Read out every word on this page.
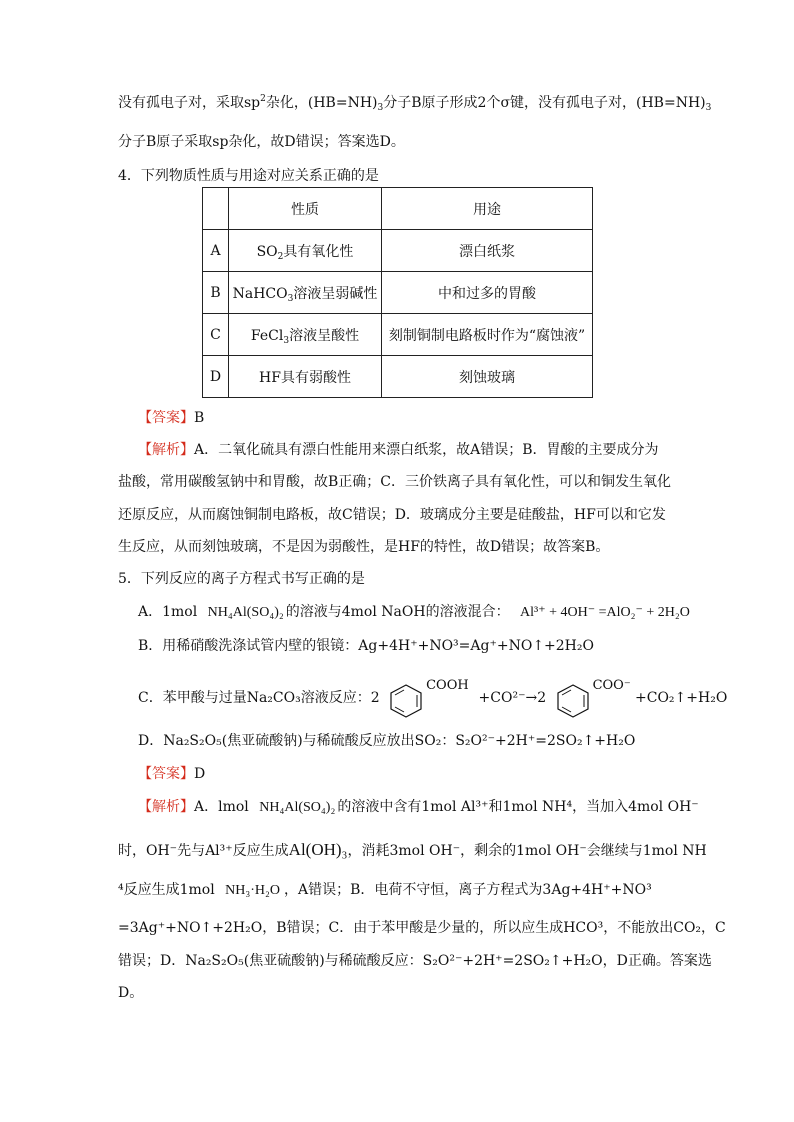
没有孤电子对，采取$sp^2$杂化，$(HB=NH)_3$分子B原子形成2个σ键，没有孤电子对，$(HB=NH)_3$
分子B原子采取sp杂化，故D错误；答案选D。
4．下列物质性质与用途对应关系正确的是
	性质	用途
A	$SO_2$具有氧化性	漂白纸浆
B	NaHCO$_3$溶液呈弱碱性	中和过多的胃酸
C	FeCl$_3$溶液呈酸性	刻制铜制电路板时作为“腐蚀液”
D	HF具有弱酸性	刻蚀玻璃
【答案】B
【解析】A．二氧化硫具有漂白性能用来漂白纸浆，故A错误；B．胃酸的主要成分为
盐酸，常用碳酸氢钠中和胃酸，故B正确；C．三价铁离子具有氧化性，可以和铜发生氧化
还原反应，从而腐蚀铜制电路板，故C错误；D．玻璃成分主要是硅酸盐，HF可以和它发
生反应，从而刻蚀玻璃，不是因为弱酸性，是HF的特性，故D错误；故答案B。
5．下列反应的离子方程式书写正确的是
A．1mol NH₄Al(SO₄)₂ 的溶液与4mol NaOH的溶液混合： Al³⁺ + 4OH⁻ =AlO₂⁻ + 2H₂O
B．用稀硝酸洗涤试管内壁的银镜：Ag+4H⁺+NO³=Ag⁺+NO↑+2H₂O
C．苯甲酸与过量Na₂CO₃溶液反应：2
COOH
+CO²⁻→2
COO⁻
+CO₂↑+H₂O
D．Na₂S₂O₅(焦亚硫酸钠)与稀硫酸反应放出SO₂：S₂O²⁻+2H⁺=2SO₂↑+H₂O
【答案】D
【解析】A．lmol NH₄Al(SO₄)₂ 的溶液中含有1mol Al³⁺和1mol NH⁴，当加入4mol OH⁻
时，OH⁻先与Al³⁺反应生成Al(OH)₃，消耗3mol OH⁻，剩余的1mol OH⁻会继续与1mol NH
⁴反应生成1mol NH₃·H₂O ，A错误；B．电荷不守恒，离子方程式为3Ag+4H⁺+NO³
=3Ag⁺+NO↑+2H₂O，B错误；C．由于苯甲酸是少量的，所以应生成HCO³，不能放出CO₂，C
错误；D．Na₂S₂O₅(焦亚硫酸钠)与稀硫酸反应：S₂O²⁻+2H⁺=2SO₂↑+H₂O，D正确。答案选
D。
